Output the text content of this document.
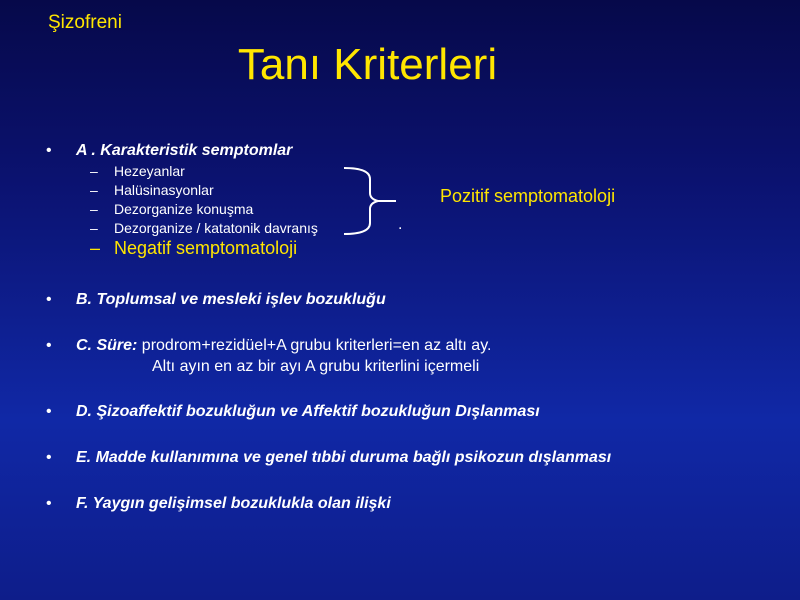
Şizofreni
Tanı Kriterleri
• A . Karakteristik semptomlar
– Hezeyanlar
– Halüsinasyonlar
– Dezorganize konuşma
– Dezorganize / katatonik davranış
– Negatif semptomatoloji
Pozitif semptomatoloji
.
• B. Toplumsal ve mesleki işlev bozukluğu
• C. Süre: prodrom+rezidüel+A grubu kriterleri=en az altı ay.
Altı ayın en az bir ayı A grubu kriterlini içermeli
• D. Şizoaffektif bozukluğun ve Affektif bozukluğun Dışlanması
• E. Madde kullanımına ve genel tıbbi duruma bağlı psikozun dışlanması
• F. Yaygın gelişimsel bozuklukla olan ilişki
